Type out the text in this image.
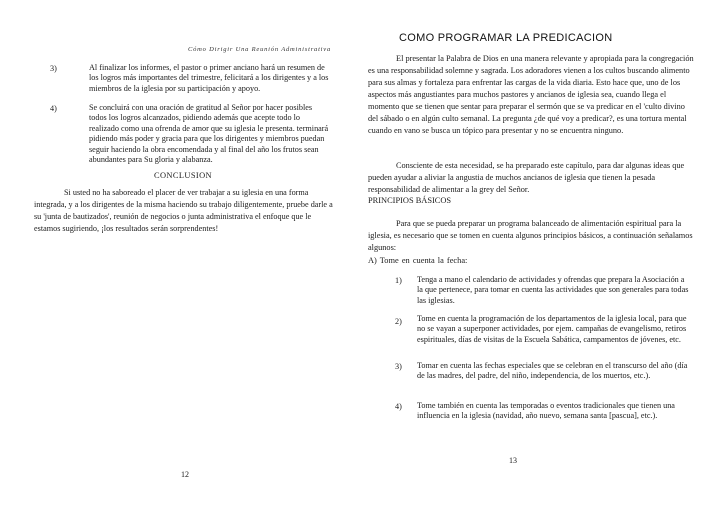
Cómo Dirigir Una Reunión Administrativa
3)	Al finalizar los informes, el pastor o primer anciano hará un resumen de los logros más importantes del trimestre, felicitará a los dirigentes y a los miembros de la iglesia por su participación y apoyo.
4)	Se concluirá con una oración de gratitud al Señor por hacer posibles todos los logros alcanzados, pidiendo además que acepte todo lo realizado como una ofrenda de amor que su iglesia le presenta. terminará pidiendo más poder y gracia para que los dirigentes y miembros puedan seguir haciendo la obra encomendada y al final del año los frutos sean abundantes para Su gloria y alabanza.
CONCLUSION
Si usted no ha saboreado el placer de ver trabajar a su iglesia en una forma integrada, y a los dirigentes de la misma haciendo su trabajo diligentemente, pruebe darle a su 'junta de bautizados', reunión de negocios o junta administrativa el enfoque que le estamos sugiriendo, ¡los resultados serán sorprendentes!
12
COMO PROGRAMAR LA PREDICACION
El presentar la Palabra de Dios en una manera relevante y apropiada para la congregación es una responsabilidad solemne y sagrada. Los adoradores vienen a los cultos buscando alimento para sus almas y fortaleza para enfrentar las cargas de la vida diaria. Esto hace que, uno de los aspectos más angustiantes para muchos pastores y ancianos de iglesia sea, cuando llega el momento que se tienen que sentar para preparar el sermón que se va predicar en el 'culto divino del sábado o en algún culto semanal. La pregunta ¿de qué voy a predicar?, es una tortura mental cuando en vano se busca un tópico para presentar y no se encuentra ninguno.
Consciente de esta necesidad, se ha preparado este capítulo, para dar algunas ideas que pueden ayudar a aliviar la angustia de muchos ancianos de iglesia que tienen la pesada responsabilidad de alimentar a la grey del Señor.
PRINCIPIOS BÁSICOS
Para que se pueda preparar un programa balanceado de alimentación espiritual para la iglesia, es necesario que se tomen en cuenta algunos principios básicos, a continuación señalamos algunos:
A) Tome en cuenta la fecha:
1) Tenga a mano el calendario de actividades y ofrendas que prepara la Asociación a la que pertenece, para tomar en cuenta las actividades que son generales para todas las iglesias.
2) Tome en cuenta la programación de los departamentos de la iglesia local, para que no se vayan a superponer actividades, por ejem. campañas de evangelismo, retiros espirituales, días de visitas de la Escuela Sabática, campamentos de jóvenes, etc.
3) Tomar en cuenta las fechas especiales que se celebran en el transcurso del año (día de las madres, del padre, del niño, independencia, de los muertos, etc.).
4) Tome también en cuenta las temporadas o eventos tradicionales que tienen una influencia en la iglesia (navidad, año nuevo, semana santa [pascua], etc.).
13
